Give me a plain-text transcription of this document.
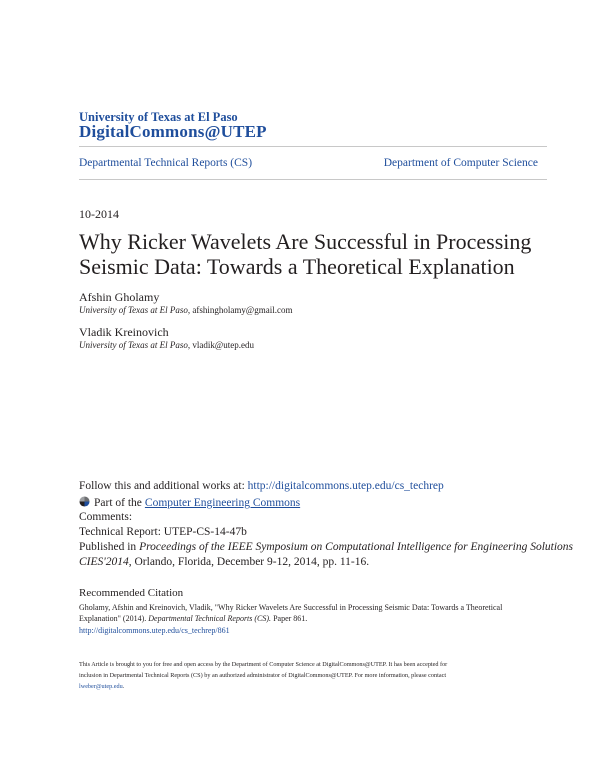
University of Texas at El Paso
DigitalCommons@UTEP
Departmental Technical Reports (CS)	Department of Computer Science
10-2014
Why Ricker Wavelets Are Successful in Processing
Seismic Data: Towards a Theoretical Explanation
Afshin Gholamy
University of Texas at El Paso, afshingholamy@gmail.com
Vladik Kreinovich
University of Texas at El Paso, vladik@utep.edu
Follow this and additional works at: http://digitalcommons.utep.edu/cs_techrep
Part of the Computer Engineering Commons
Comments:
Technical Report: UTEP-CS-14-47b
Published in Proceedings of the IEEE Symposium on Computational Intelligence for Engineering Solutions
CIES'2014, Orlando, Florida, December 9-12, 2014, pp. 11-16.
Recommended Citation
Gholamy, Afshin and Kreinovich, Vladik, "Why Ricker Wavelets Are Successful in Processing Seismic Data: Towards a Theoretical
Explanation" (2014). Departmental Technical Reports (CS). Paper 861.
http://digitalcommons.utep.edu/cs_techrep/861
This Article is brought to you for free and open access by the Department of Computer Science at DigitalCommons@UTEP. It has been accepted for
inclusion in Departmental Technical Reports (CS) by an authorized administrator of DigitalCommons@UTEP. For more information, please contact
lweber@utep.edu.
